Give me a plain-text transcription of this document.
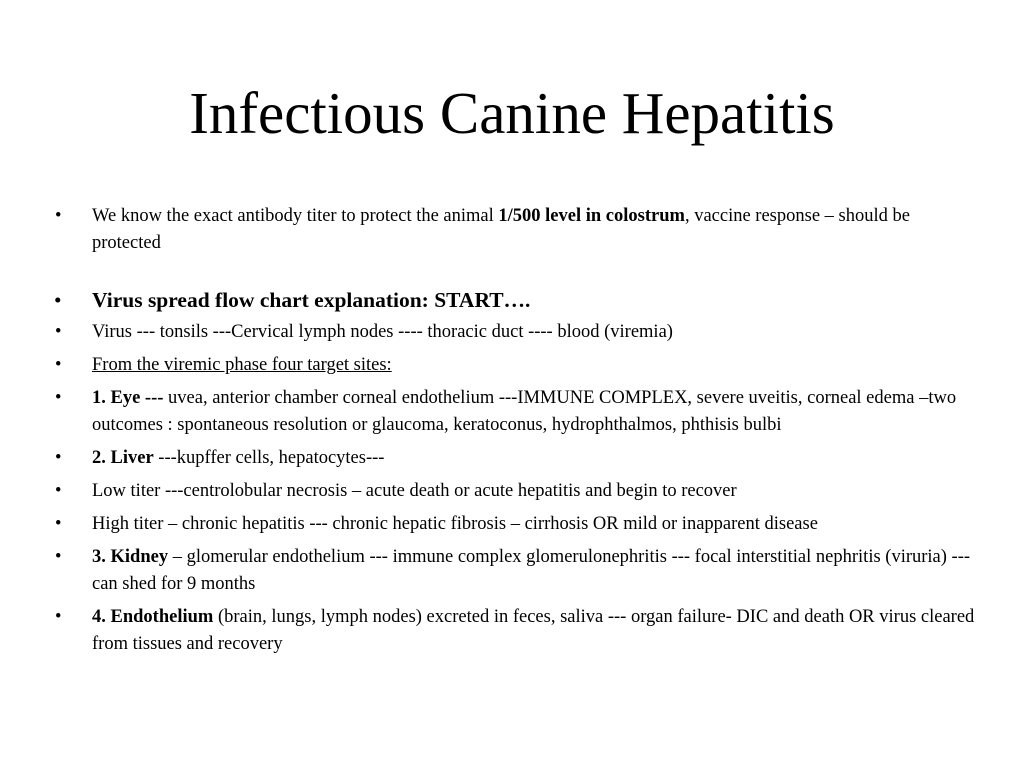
Infectious Canine Hepatitis
• We know the exact antibody titer to protect the animal 1/500 level in colostrum, vaccine response – should be protected
• Virus spread flow chart explanation: START….
• Virus --- tonsils ---Cervical lymph nodes ---- thoracic duct ---- blood (viremia)
• From the viremic phase four target sites:
• 1. Eye --- uvea, anterior chamber corneal endothelium ---IMMUNE COMPLEX, severe uveitis, corneal edema –two outcomes : spontaneous resolution or glaucoma, keratoconus, hydrophthalmos, phthisis bulbi
• 2. Liver ---kupffer cells, hepatocytes---
• Low titer ---centrolobular necrosis – acute death or acute hepatitis and begin to recover
• High titer – chronic hepatitis --- chronic hepatic fibrosis – cirrhosis OR mild or inapparent disease
• 3. Kidney – glomerular endothelium --- immune complex glomerulonephritis --- focal interstitial nephritis (viruria) --- can shed for 9 months
• 4. Endothelium (brain, lungs, lymph nodes) excreted in feces, saliva --- organ failure- DIC and death OR virus cleared from tissues and recovery
